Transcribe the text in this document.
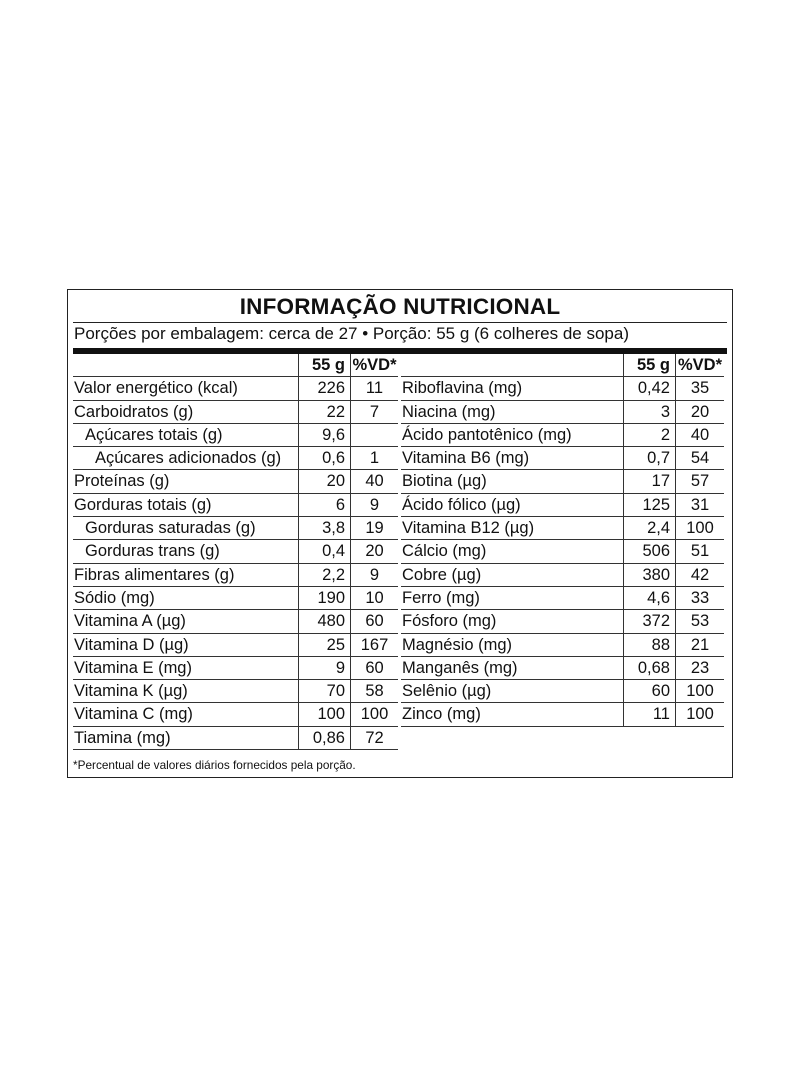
INFORMAÇÃO NUTRICIONAL
Porções por embalagem: cerca de 27 • Porção: 55 g (6 colheres de sopa)
55 g %VD*
Valor energético (kcal)	226	11
Carboidratos (g)	22	7
Açúcares totais (g)	9,6
Açúcares adicionados (g)	0,6	1
Proteínas (g)	20	40
Gorduras totais (g)	6	9
Gorduras saturadas (g)	3,8	19
Gorduras trans (g)	0,4	20
Fibras alimentares (g)	2,2	9
Sódio (mg)	190	10
Vitamina A (µg)	480	60
Vitamina D (µg)	25 167
Vitamina E (mg)	9	60
Vitamina K (µg)	70	58
Vitamina C (mg)	100 100
Tiamina (mg)	0,86	72
55 g %VD*
Riboflavina (mg)	0,42	35
Niacina (mg)	3	20
Ácido pantotênico (mg)	2	40
Vitamina B6 (mg)	0,7	54
Biotina (µg)	17	57
Ácido fólico (µg)	125	31
Vitamina B12 (µg)	2,4 100
Cálcio (mg)	506	51
Cobre (µg)	380	42
Ferro (mg)	4,6	33
Fósforo (mg)	372	53
Magnésio (mg)	88	21
Manganês (mg)	0,68	23
Selênio (µg)	60 100
Zinco (mg)	11 100
*Percentual de valores diários fornecidos pela porção.
